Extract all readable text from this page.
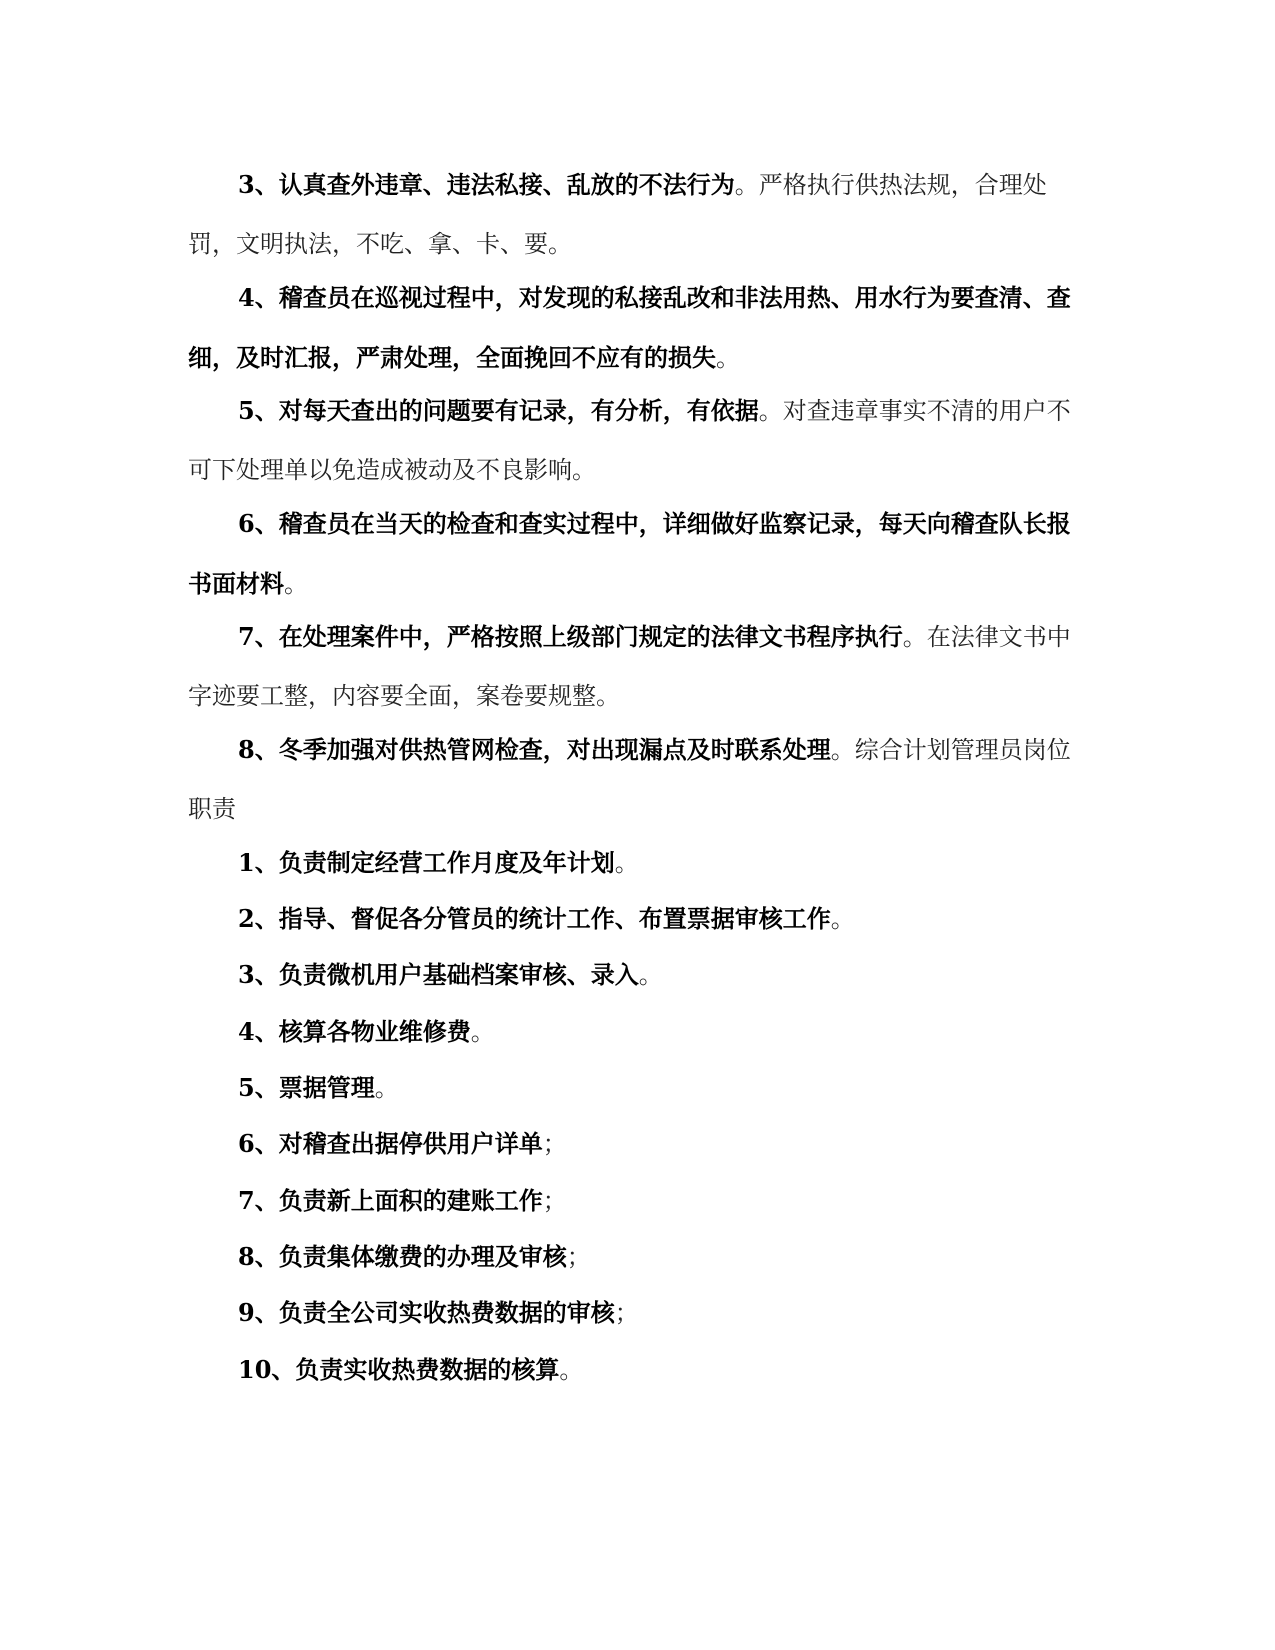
3、认真查外违章、违法私接、乱放的不法行为。严格执行供热法规，合理处罚，文明执法，不吃、拿、卡、要。

4、稽查员在巡视过程中，对发现的私接乱改和非法用热、用水行为要查清、查细，及时汇报，严肃处理，全面挽回不应有的损失。

5、对每天查出的问题要有记录，有分析，有依据。对查违章事实不清的用户不可下处理单以免造成被动及不良影响。

6、稽查员在当天的检查和查实过程中，详细做好监察记录，每天向稽查队长报书面材料。

7、在处理案件中，严格按照上级部门规定的法律文书程序执行。在法律文书中字迹要工整，内容要全面，案卷要规整。

8、冬季加强对供热管网检查，对出现漏点及时联系处理。综合计划管理员岗位职责

1、负责制定经营工作月度及年计划。

2、指导、督促各分管员的统计工作、布置票据审核工作。

3、负责微机用户基础档案审核、录入。

4、核算各物业维修费。

5、票据管理。

6、对稽查出据停供用户详单；

7、负责新上面积的建账工作；

8、负责集体缴费的办理及审核；

9、负责全公司实收热费数据的审核；

10、负责实收热费数据的核算。
